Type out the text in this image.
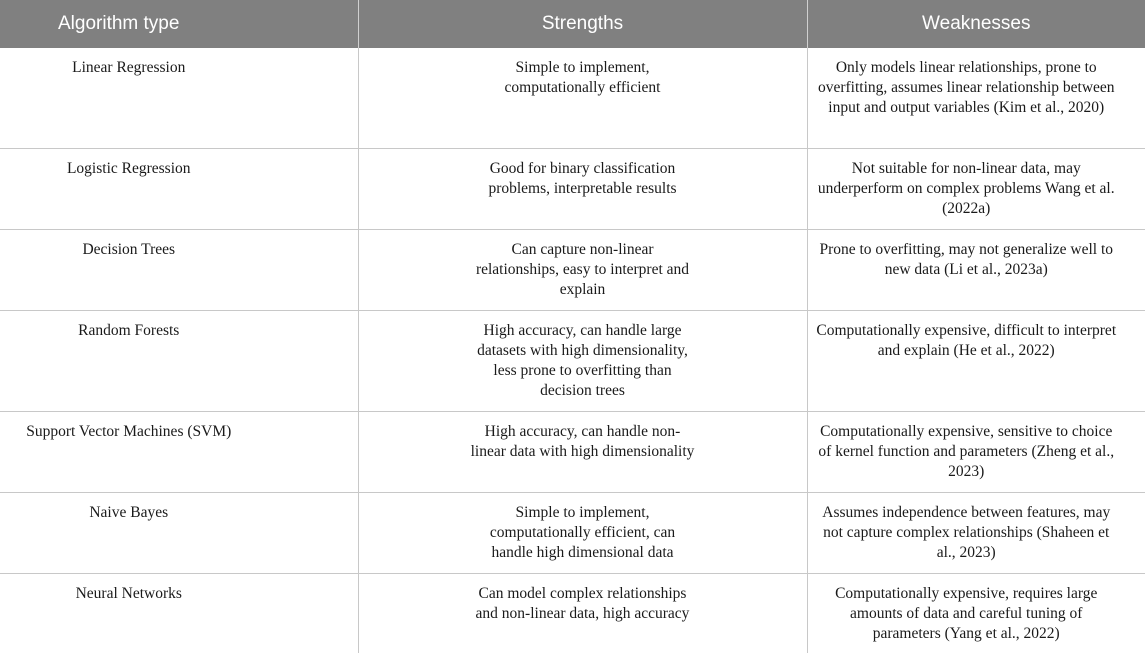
Algorithm type	Strengths	Weaknesses
Linear Regression	Simple to implement, computationally efficient	Only models linear relationships, prone to overfitting, assumes linear relationship between input and output variables (Kim et al., 2020)
Logistic Regression	Good for binary classification problems, interpretable results	Not suitable for non-linear data, may underperform on complex problems Wang et al. (2022a)
Decision Trees	Can capture non-linear relationships, easy to interpret and explain	Prone to overfitting, may not generalize well to new data (Li et al., 2023a)
Random Forests	High accuracy, can handle large datasets with high dimensionality, less prone to overfitting than decision trees	Computationally expensive, difficult to interpret and explain (He et al., 2022)
Support Vector Machines (SVM)	High accuracy, can handle non-linear data with high dimensionality	Computationally expensive, sensitive to choice of kernel function and parameters (Zheng et al., 2023)
Naive Bayes	Simple to implement, computationally efficient, can handle high dimensional data	Assumes independence between features, may not capture complex relationships (Shaheen et al., 2023)
Neural Networks	Can model complex relationships and non-linear data, high accuracy	Computationally expensive, requires large amounts of data and careful tuning of parameters (Yang et al., 2022)
